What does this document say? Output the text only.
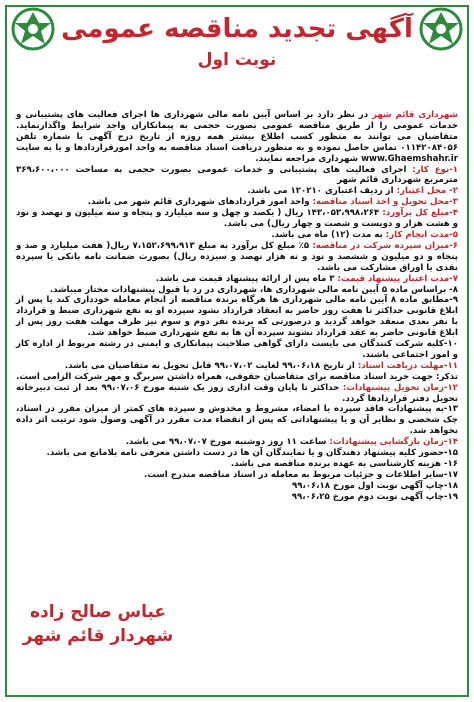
آگهی تجدید مناقصه عمومی
نوبت اول

شهرداری قائم شهر در نظر دارد بر اساس آیین نامه مالی شهرداری ها اجرای فعالیت های پشتیبانی و خدمات عمومی را از طریق مناقصه عمومی بصورت حجمی به پیمانکاران واجد شرایط واگذارنماید. متقاضیان می توانند به منظور کسب اطلاع بیشتر همه روزه از تاریخ درج آگهی با شماره تلفن ۰۱۱۴۲۰۸۴۰۵۶ تماس حاصل نموده و به منظور دریافت اسناد مناقصه به واحد امورقراردادها و یا به سایت www.Ghaemshahr.ir شهرداری مراجعه نمایند.

۱-نوع کار: اجرای فعالیت های پشتیبانی و خدمات عمومی بصورت حجمی به مساحت ۳۶۹،۶۰۰،۰۰۰ مترمربع شهرداری قائم شهر

۲- محل اعتبار: از ردیف اعتباری ۱۲۰۲۱۰ می باشد.

۳-محل تحویل و اخذ اسناد مناقصه: واحد امور قراردادهای شهرداری قائم شهر می باشد.

۴-مبلغ کل برآورد: ۱۴۳،۰۵۳،۹۹۸،۲۶۴ ریال ( یکصد و چهل و سه میلیارد و پنجاه و سه میلیون و نهصد و نود و هشت هزار و دویست و شصت و چهار ریال) می باشد.

۵-مدت انجام کار: به مدت (۱۲) ماه می باشد.

۶-میزان سپرده شرکت در مناقصه: ۵٪ مبلغ کل برآورد به مبلغ ۷،۱۵۲،۶۹۹،۹۱۳ ریال( هفت میلیارد و صد و پنجاه و دو میلیون و ششصد و نود و نه هزار نهصد و سیزده ریال) بصورت ضمانت نامه بانکی یا سپرده نقدی یا اوراق مشارکت می باشد.

۷-مدت اعتبار پیشنهاد قیمت: ۳ ماه پس از ارائه پیشنهاد قیمت می باشد.

۸- براساس ماده ۵ آیین نامه مالی شهرداری ها، شهرداری در رد یا قبول پیشنهادات مختار میباشد.

۹-مطابق ماده ۸ آیین نامه مالی شهرداری ها هرگاه برنده مناقصه از انجام معامله خودداری کند یا پس از ابلاغ قانونی حداکثر تا هفت روز حاضر به انعقاد قرارداد نشود سپرده او به نفع شهرداری ضبط و قرارداد با نفر بعدی منعقد خواهد گردید و درصورتی که برنده نفر دوم و سوم نیز ظرف مهلت هفت روز پس از ابلاغ قانونی حاضر به عقد قرارداد نشوند سپرده آن ها به نفع شهرداری ضبط خواهد شد.

۱۰-کلیه شرکت کنندگان می بایست دارای گواهی صلاحیت پیمانکاری و ایمنی در رشته مربوط از اداره کار و امور اجتماعی باشند.

۱۱-مهلت دریافت اسناد: از تاریخ ۹۹،۰۶،۱۸ لغایت ۹۹،۰۷،۰۲ قابل تحویل به متقاضیان می باشد.

تذکر: جهت خرید اسناد مناقصه برای متقاضیان حقوقی، همراه داشتن سربرگ و مهر شرکت الزامی است.

۱۲-زمان تحویل پیشنهادات: حداکثر تا پایان وقت اداری روز یک شنبه مورخ ۹۹،۰۷،۰۶ بعد از ثبت دبیرخانه تحویل دفتر قراردادها گردد.

۱۳-به پیشنهادات فاقد سپرده یا امضاء، مشروط و مخدوش و سپرده های کمتر از میزان مقرر در اسناد، چک شخصی و نظایر آن و یا پیشنهاداتی که پس از انقضاء مدت مقرر در آگهی وصول شود ترتیب اثر داده نخواهد شد.

۱۴-زمان بازگشایی پیشنهادات: ساعت ۱۱ روز دوشنبه مورخ ۹۹،۰۷،۰۷ می باشد.

۱۵-حضور کلیه پیشنهاد دهندگان و یا نمایندگان آن ها در دست داشتن معرفی نامه بلامانع می باشد.

۱۶- هزینه کارشناسی به عهده برنده مناقصه می باشد.

۱۷-سایر اطلاعات و جزئیات مربوط به معامله در اسناد مناقصه مندرج است.

۱۸-چاپ آگهی نوبت اول مورخ ۹۹،۰۶،۱۸

۱۹-چاپ آگهی نوبت دوم مورخ ۹۹،۰۶،۲۵

عباس صالح زاده
شهردار قائم شهر
